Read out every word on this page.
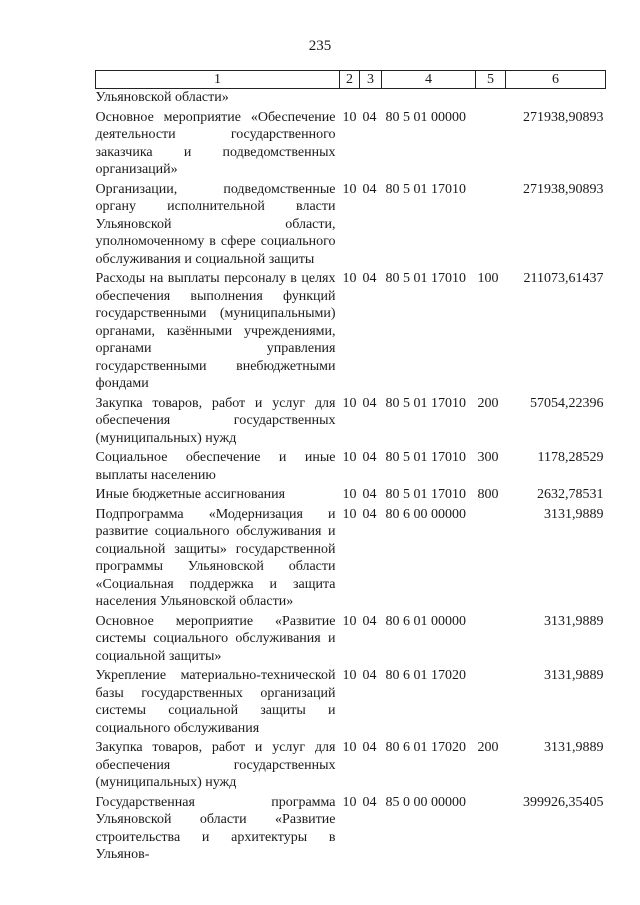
235
1	2	3	4	5	6
Ульяновской области»					
Основное мероприятие «Обеспечение деятельности государственного заказчика и подведомственных организаций»	10	04	80 5 01 00000		271938,90893
Организации, подведомственные органу исполнительной власти Ульяновской области, уполномоченному в сфере социального обслуживания и социальной защиты	10	04	80 5 01 17010		271938,90893
Расходы на выплаты персоналу в целях обеспечения выполнения функций государственными (муниципальными) органами, казёнными учреждениями, органами управления государственными внебюджетными фондами	10	04	80 5 01 17010	100	211073,61437
Закупка товаров, работ и услуг для обеспечения государственных (муниципальных) нужд	10	04	80 5 01 17010	200	57054,22396
Социальное обеспечение и иные выплаты населению	10	04	80 5 01 17010	300	1178,28529
Иные бюджетные ассигнования	10	04	80 5 01 17010	800	2632,78531
Подпрограмма «Модернизация и развитие социального обслуживания и социальной защиты» государственной программы Ульяновской области «Социальная поддержка и защита населения Ульяновской области»	10	04	80 6 00 00000		3131,9889
Основное мероприятие «Развитие системы социального обслуживания и социальной защиты»	10	04	80 6 01 00000		3131,9889
Укрепление материально-технической базы государственных организаций системы социальной защиты и социального обслуживания	10	04	80 6 01 17020		3131,9889
Закупка товаров, работ и услуг для обеспечения государственных (муниципальных) нужд	10	04	80 6 01 17020	200	3131,9889
Государственная программа Ульяновской области «Развитие строительства и архитектуры в Ульянов-	10	04	85 0 00 00000		399926,35405
